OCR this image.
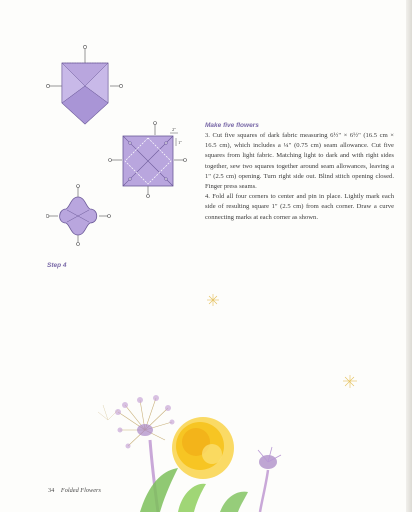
2"
1"
Step 4

Make five flowers

3. Cut five squares of dark fabric measuring 6½" × 6½" (16.5 cm × 16.5 cm), which includes a ¼" (0.75 cm) seam allowance. Cut five squares from light fabric. Matching light to dark and with right sides together, sew two squares together around seam allowances, leaving a 1" (2.5 cm) opening. Turn right side out. Blind stitch opening closed. Finger press seams.

4. Fold all four corners to center and pin in place. Lightly mark each side of resulting square 1" (2.5 cm) from each corner. Draw a curve connecting marks at each corner as shown.

34 Folded Flowers
